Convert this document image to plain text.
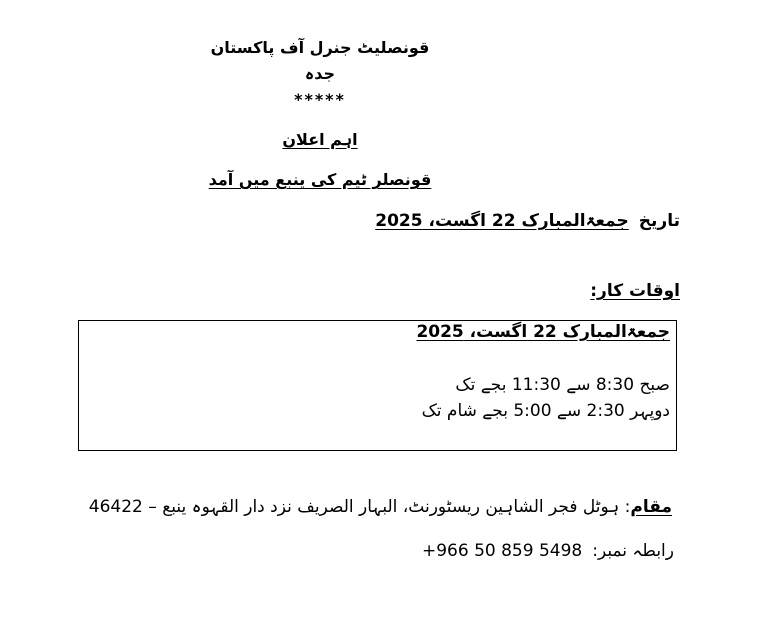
قونصلیٹ جنرل آف پاکستان
جدہ
*****
اہم اعلان
قونصلر ٹیم کی ینبع میں آمد
تاریخجمعۃالمبارک 22 اگست، 2025
اوقات کار:
جمعۃالمبارک 22 اگست، 2025
صبح 8:30 سے 11:30 بجے تک
دوپہر 2:30 سے 5:00 بجے شام تک
مقام: ہوٹل فجر الشاہین ریسٹورنٹ، البہار الصریف نزد دار القہوہ ینبع – 46422
رابطہ نمبر:+966 50 859 5498
